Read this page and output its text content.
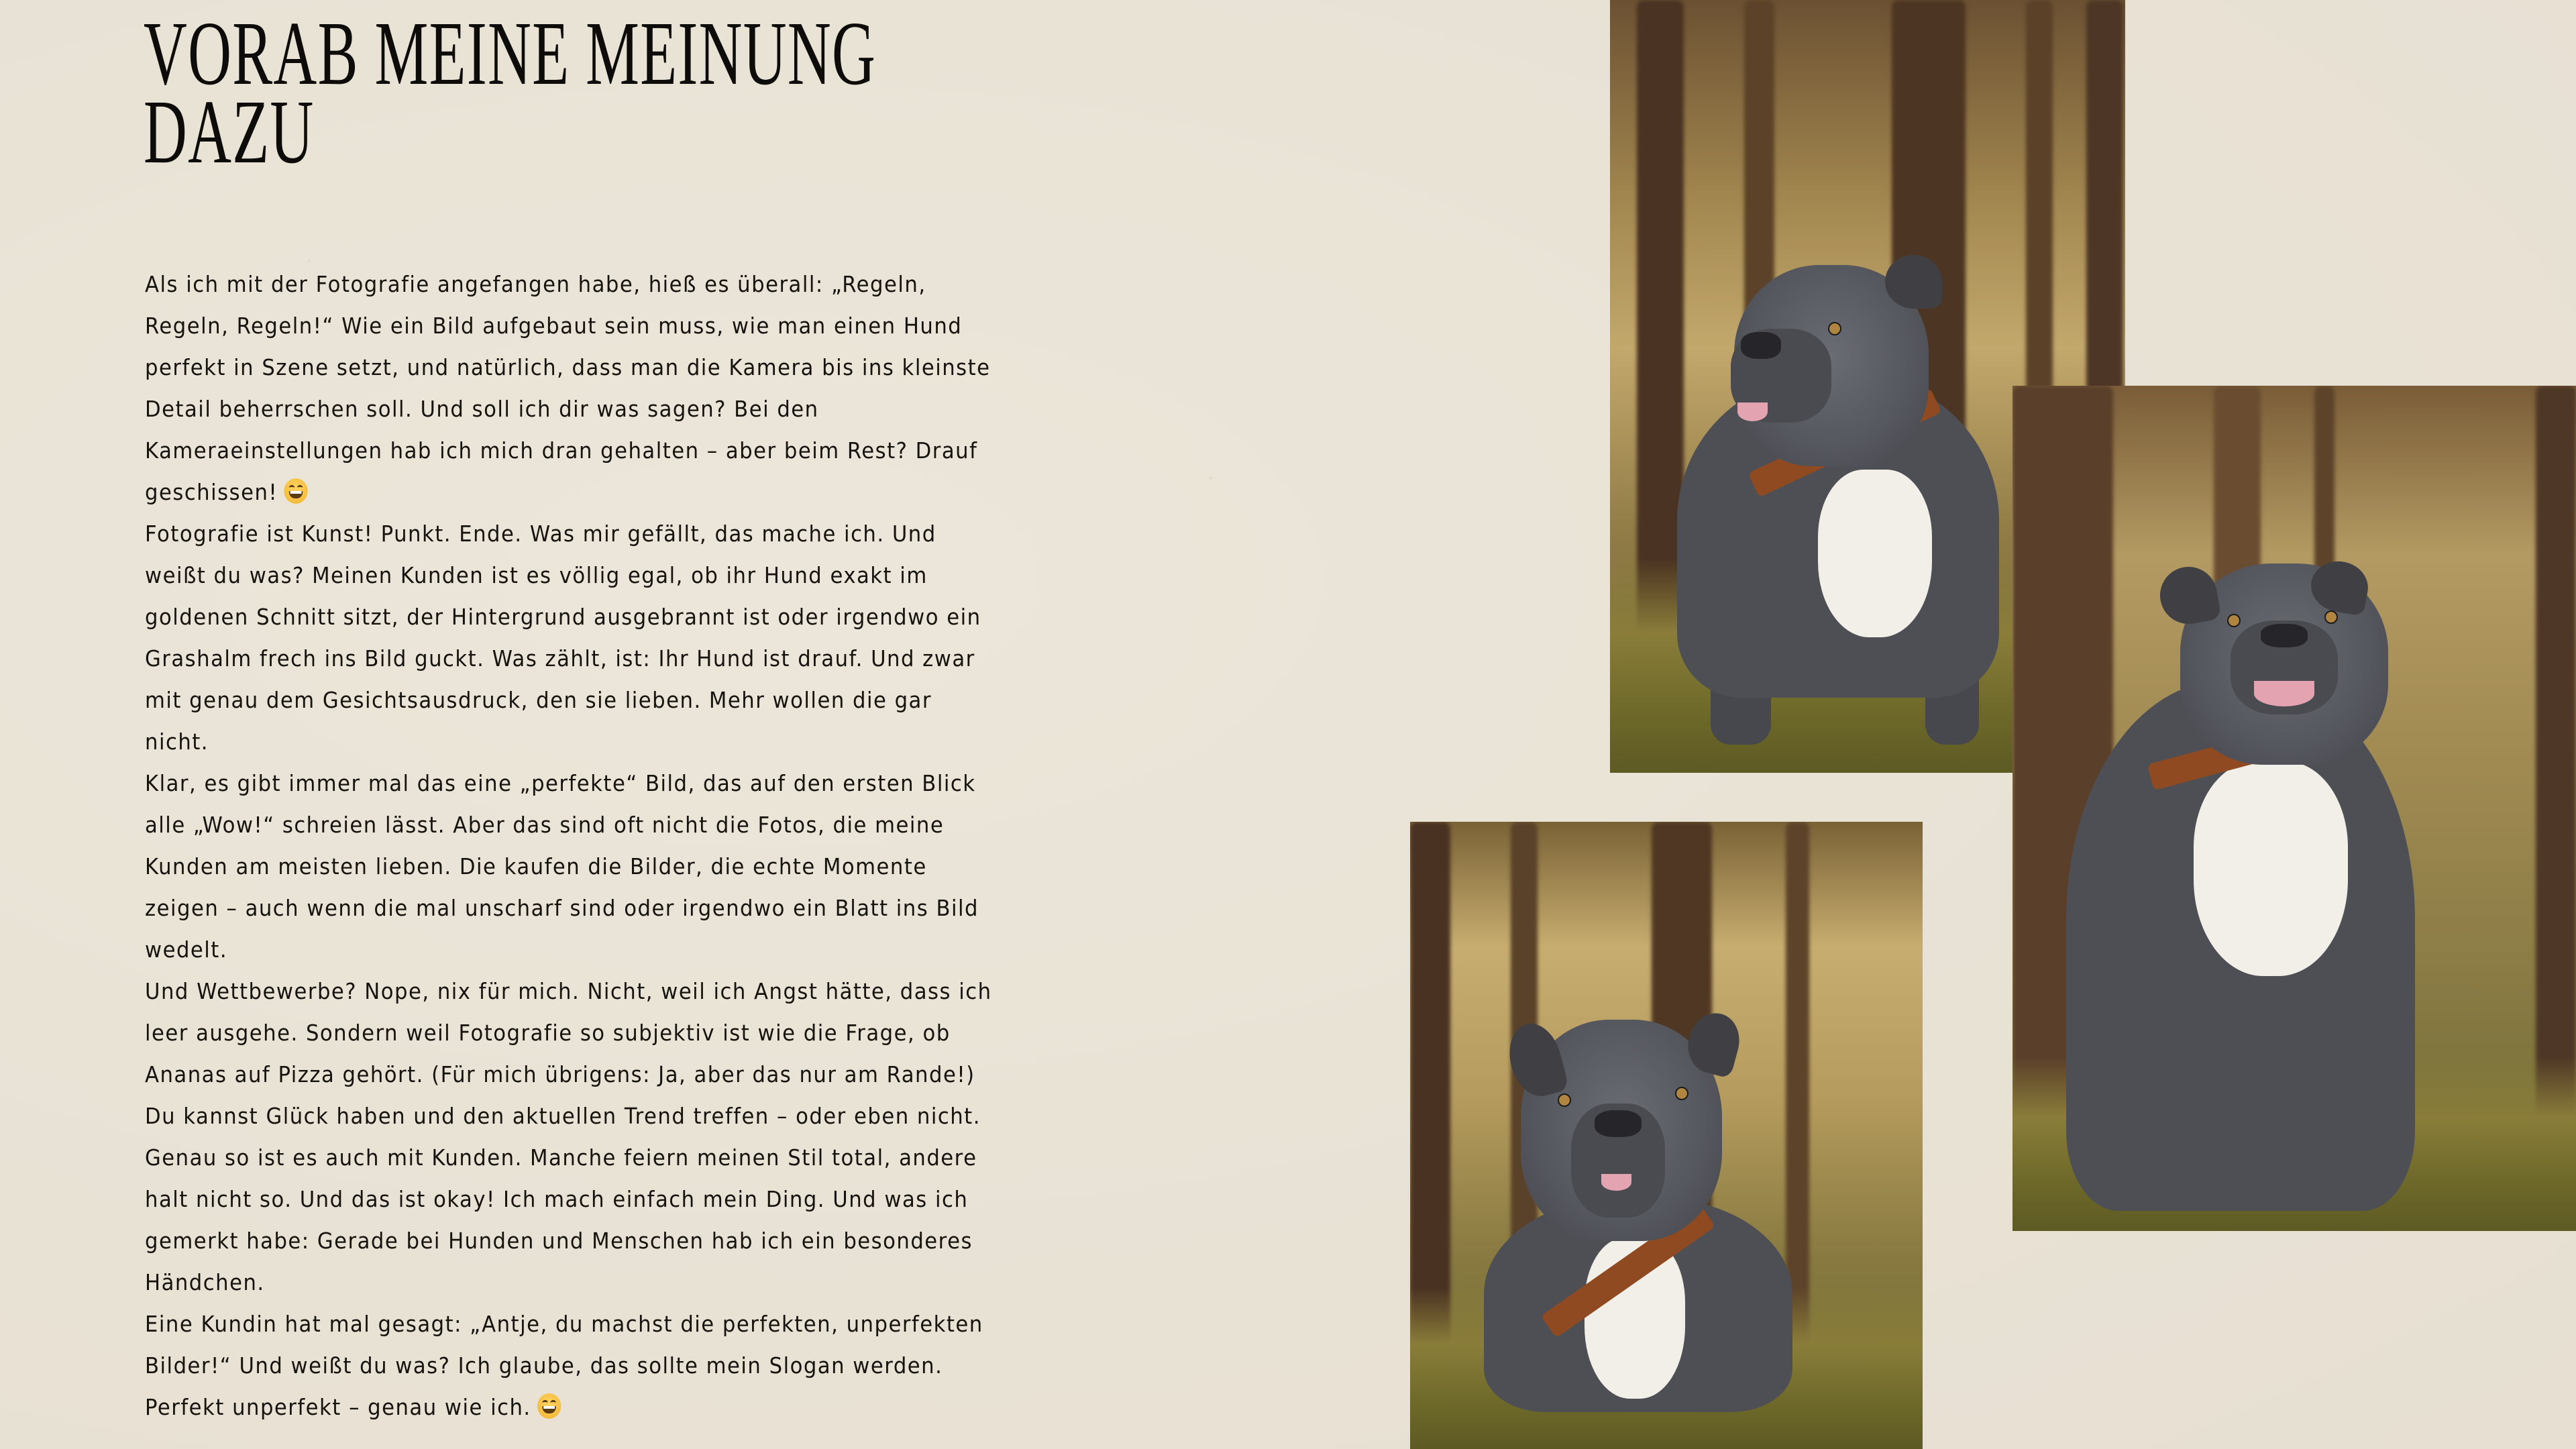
VORAB MEINE MEINUNG
DAZU
Als ich mit der Fotografie angefangen habe, hieß es überall: „Regeln,
Regeln, Regeln!“ Wie ein Bild aufgebaut sein muss, wie man einen Hund
perfekt in Szene setzt, und natürlich, dass man die Kamera bis ins kleinste
Detail beherrschen soll. Und soll ich dir was sagen? Bei den
Kameraeinstellungen hab ich mich dran gehalten – aber beim Rest? Drauf
geschissen!
Fotografie ist Kunst! Punkt. Ende. Was mir gefällt, das mache ich. Und
weißt du was? Meinen Kunden ist es völlig egal, ob ihr Hund exakt im
goldenen Schnitt sitzt, der Hintergrund ausgebrannt ist oder irgendwo ein
Grashalm frech ins Bild guckt. Was zählt, ist: Ihr Hund ist drauf. Und zwar
mit genau dem Gesichtsausdruck, den sie lieben. Mehr wollen die gar
nicht.
Klar, es gibt immer mal das eine „perfekte“ Bild, das auf den ersten Blick
alle „Wow!“ schreien lässt. Aber das sind oft nicht die Fotos, die meine
Kunden am meisten lieben. Die kaufen die Bilder, die echte Momente
zeigen – auch wenn die mal unscharf sind oder irgendwo ein Blatt ins Bild
wedelt.
Und Wettbewerbe? Nope, nix für mich. Nicht, weil ich Angst hätte, dass ich
leer ausgehe. Sondern weil Fotografie so subjektiv ist wie die Frage, ob
Ananas auf Pizza gehört. (Für mich übrigens: Ja, aber das nur am Rande!)
Du kannst Glück haben und den aktuellen Trend treffen – oder eben nicht.
Genau so ist es auch mit Kunden. Manche feiern meinen Stil total, andere
halt nicht so. Und das ist okay! Ich mach einfach mein Ding. Und was ich
gemerkt habe: Gerade bei Hunden und Menschen hab ich ein besonderes
Händchen.
Eine Kundin hat mal gesagt: „Antje, du machst die perfekten, unperfekten
Bilder!“ Und weißt du was? Ich glaube, das sollte mein Slogan werden.
Perfekt unperfekt – genau wie ich.
